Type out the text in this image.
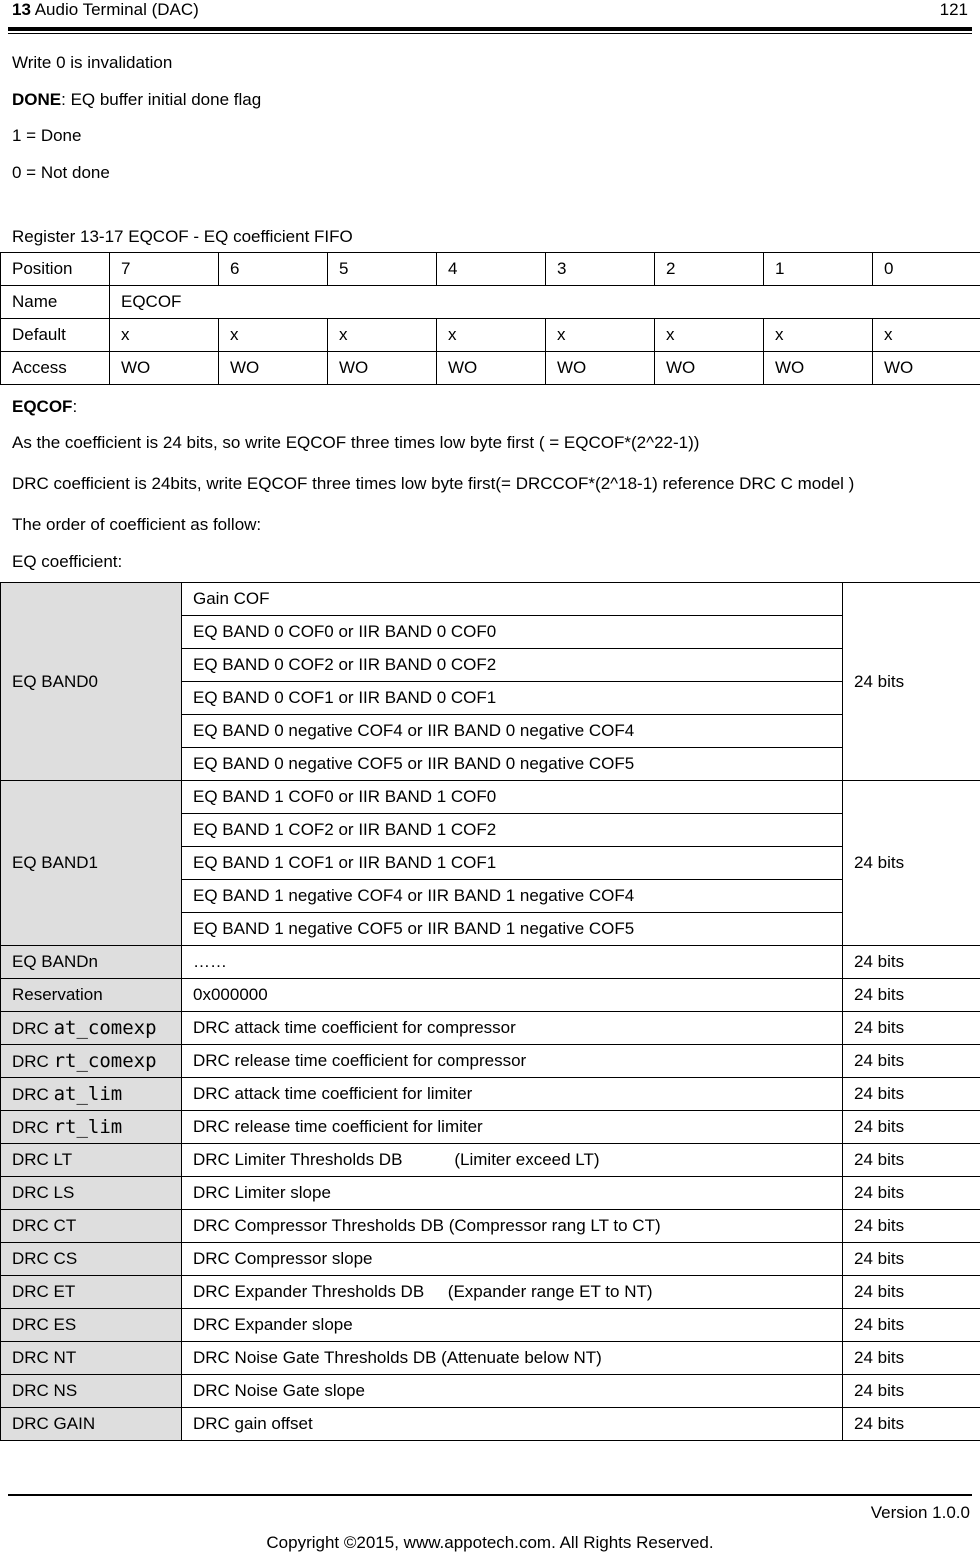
13 Audio Terminal (DAC)	121
Write 0 is invalidation
DONE: EQ buffer initial done flag
1 = Done
0 = Not done
Register 13-17 EQCOF - EQ coefficient FIFO
Position	7	6	5	4	3	2	1	0
Name	EQCOF							
Default	x	x	x	x	x	x	x	x
Access	WO	WO	WO	WO	WO	WO	WO	WO
EQCOF:
As the coefficient is 24 bits, so write EQCOF three times low byte first ( = EQCOF*(2^22-1))
DRC coefficient is 24bits, write EQCOF three times low byte first(= DRCCOF*(2^18-1) reference DRC C model )
The order of coefficient as follow:
EQ coefficient:
EQ BAND0	Gain COF	24 bits
	EQ BAND 0 COF0 or IIR BAND 0 COF0	
	EQ BAND 0 COF2 or IIR BAND 0 COF2	
	EQ BAND 0 COF1 or IIR BAND 0 COF1	
	EQ BAND 0 negative COF4 or IIR BAND 0 negative COF4	
	EQ BAND 0 negative COF5 or IIR BAND 0 negative COF5	
EQ BAND1	EQ BAND 1 COF0 or IIR BAND 1 COF0	24 bits
	EQ BAND 1 COF2 or IIR BAND 1 COF2	
	EQ BAND 1 COF1 or IIR BAND 1 COF1	
	EQ BAND 1 negative COF4 or IIR BAND 1 negative COF4	
	EQ BAND 1 negative COF5 or IIR BAND 1 negative COF5	
EQ BANDn	……	24 bits
Reservation	0x000000	24 bits
DRC at_comexp	DRC attack time coefficient for compressor	24 bits
DRC rt_comexp	DRC release time coefficient for compressor	24 bits
DRC at_lim	DRC attack time coefficient for limiter	24 bits
DRC rt_lim	DRC release time coefficient for limiter	24 bits
DRC LT	DRC Limiter Thresholds DB           (Limiter exceed LT)	24 bits
DRC LS	DRC Limiter slope	24 bits
DRC CT	DRC Compressor Thresholds DB (Compressor rang LT to CT)	24 bits
DRC CS	DRC Compressor slope	24 bits
DRC ET	DRC Expander Thresholds DB     (Expander range ET to NT)	24 bits
DRC ES	DRC Expander slope	24 bits
DRC NT	DRC Noise Gate Thresholds DB (Attenuate below NT)	24 bits
DRC NS	DRC Noise Gate slope	24 bits
DRC GAIN	DRC gain offset	24 bits
Version 1.0.0
Copyright ©2015, www.appotech.com. All Rights Reserved.
